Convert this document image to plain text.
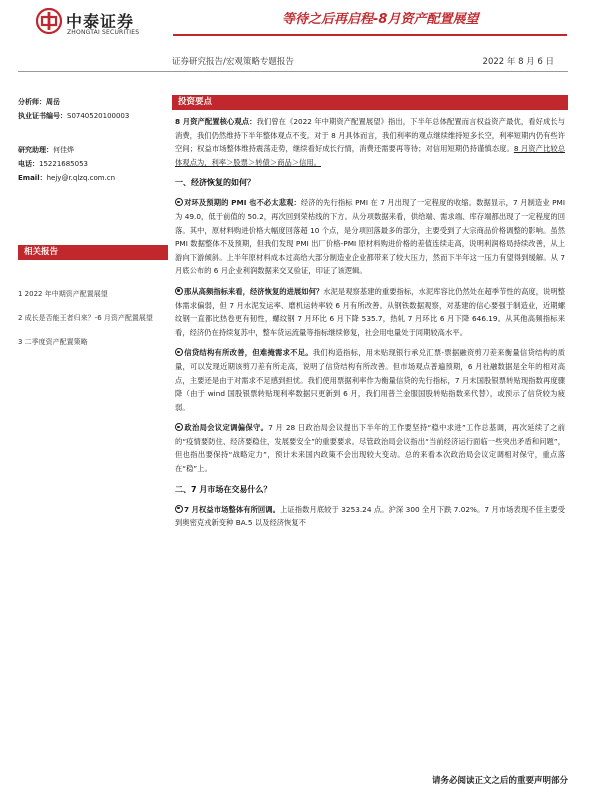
中泰证券
ZHONGTAI SECURITIES
等待之后再启程-8月资产配置展望
证券研究报告/宏观策略专题报告	2022 年 8 月 6 日
分析师：周岳
执业证书编号：S0740520100003
研究助理：何佳烨
电话：15221685053
Email：hejy@r.qlzq.com.cn
相关报告
1 2022 年中期资产配置展望
2 成长是否能王者归来？-6 月资产配置展望
3 二季度资产配置策略
投资要点

8 月资产配置核心观点：我们曾在《2022 年中期资产配置展望》指出，下半年总体配置而言权益资产最优，看好成长与消费，我们仍然维持下半年整体观点不变。对于 8 月具体而言，我们利率的观点继续维持短多长空，利率短期内仍有些许空间；权益市场整体维持震荡走势，继续看好成长行情，消费还需要再等待；对信用短期仍持谨慎态度。8 月资产比较总体观点为，利率＞股票＞转债＞商品＞信用。

一、经济恢复的如何？

对环及预期的 PMI 也不必太悲观：经济的先行指标 PMI 在 7 月出现了一定程度的收缩。数据显示，7 月制造业 PMI 为 49.0，低于前值的 50.2，再次回到荣枯线的下方。从分项数据来看，供给端、需求端、库存端都出现了一定程度的回落。其中，原材料购进价格大幅度回落超 10 个点，是分项回落最多的部分，主要受到了大宗商品价格调整的影响。虽然 PMI 数据整体不及预期，但我们发现 PMI 出厂价格-PMI 原材料购进价格的差值连续走高，说明利润格局持续改善，从上游向下游倾斜。上半年原材料成本过高给大部分制造业企业都带来了较大压力，然而下半年这一压力有望得到缓解。从 7 月底公布的 6 月企业利润数据来交叉验证，印证了该逻辑。

那从高频指标来看，经济恢复的进展如何？水泥是观察基建的重要指标，水泥库容比仍然处在超季节性的高度，说明整体需求偏弱，但 7 月水泥发运率、磨机运转率较 6 月有所改善。从钢铁数据观察，对基建的信心要强于制造业，近期螺纹钢一直都比热卷更有韧性，螺纹钢 7 月环比 6 月下降 535.7，热轧 7 月环比 6 月下降 646.19。从其他高频指标来看，经济仍在持续复苏中，整车货运流量等指标继续修复，社会用电量处于同期较高水平。

信贷结构有所改善，但难掩需求不足。我们构造指标，用未贴现银行承兑汇票-票据融资剪刀差来衡量信贷结构的质量，可以发现近期该剪刀差有所走高，说明了信贷结构有所改善。但市场观点普遍预期，6 月社融数据是全年的相对高点，主要还是由于对需求不足感到担忧。我们使用票据利率作为衡量信贷的先行指标，7 月末国股银票转贴现指数再度骤降（由于 wind 国股银票转贴现利率数据只更新到 6 月，我们用普兰金服国股转贴指数来代替），或预示了信贷较为疲弱。

政治局会议定调偏保守。7 月 28 日政治局会议提出下半年的工作要坚持“稳中求进”工作总基调，再次延续了之前的“疫情要防住、经济要稳住，发展要安全”的重要要求。尽管政治局会议指出“当前经济运行面临一些突出矛盾和问题”，但也指出要保持“战略定力”，预计未来国内政策不会出现较大变动。总的来看本次政治局会议定调相对保守，重点落在“稳”上。

二、7 月市场在交易什么？

7 月权益市场整体有所回调。上证指数月底较于 3253.24 点。沪深 300 全月下跌 7.02%。7 月市场表现不佳主要受到奥密克戎新变种 BA.5 以及经济恢复不

请务必阅读正文之后的重要声明部分
